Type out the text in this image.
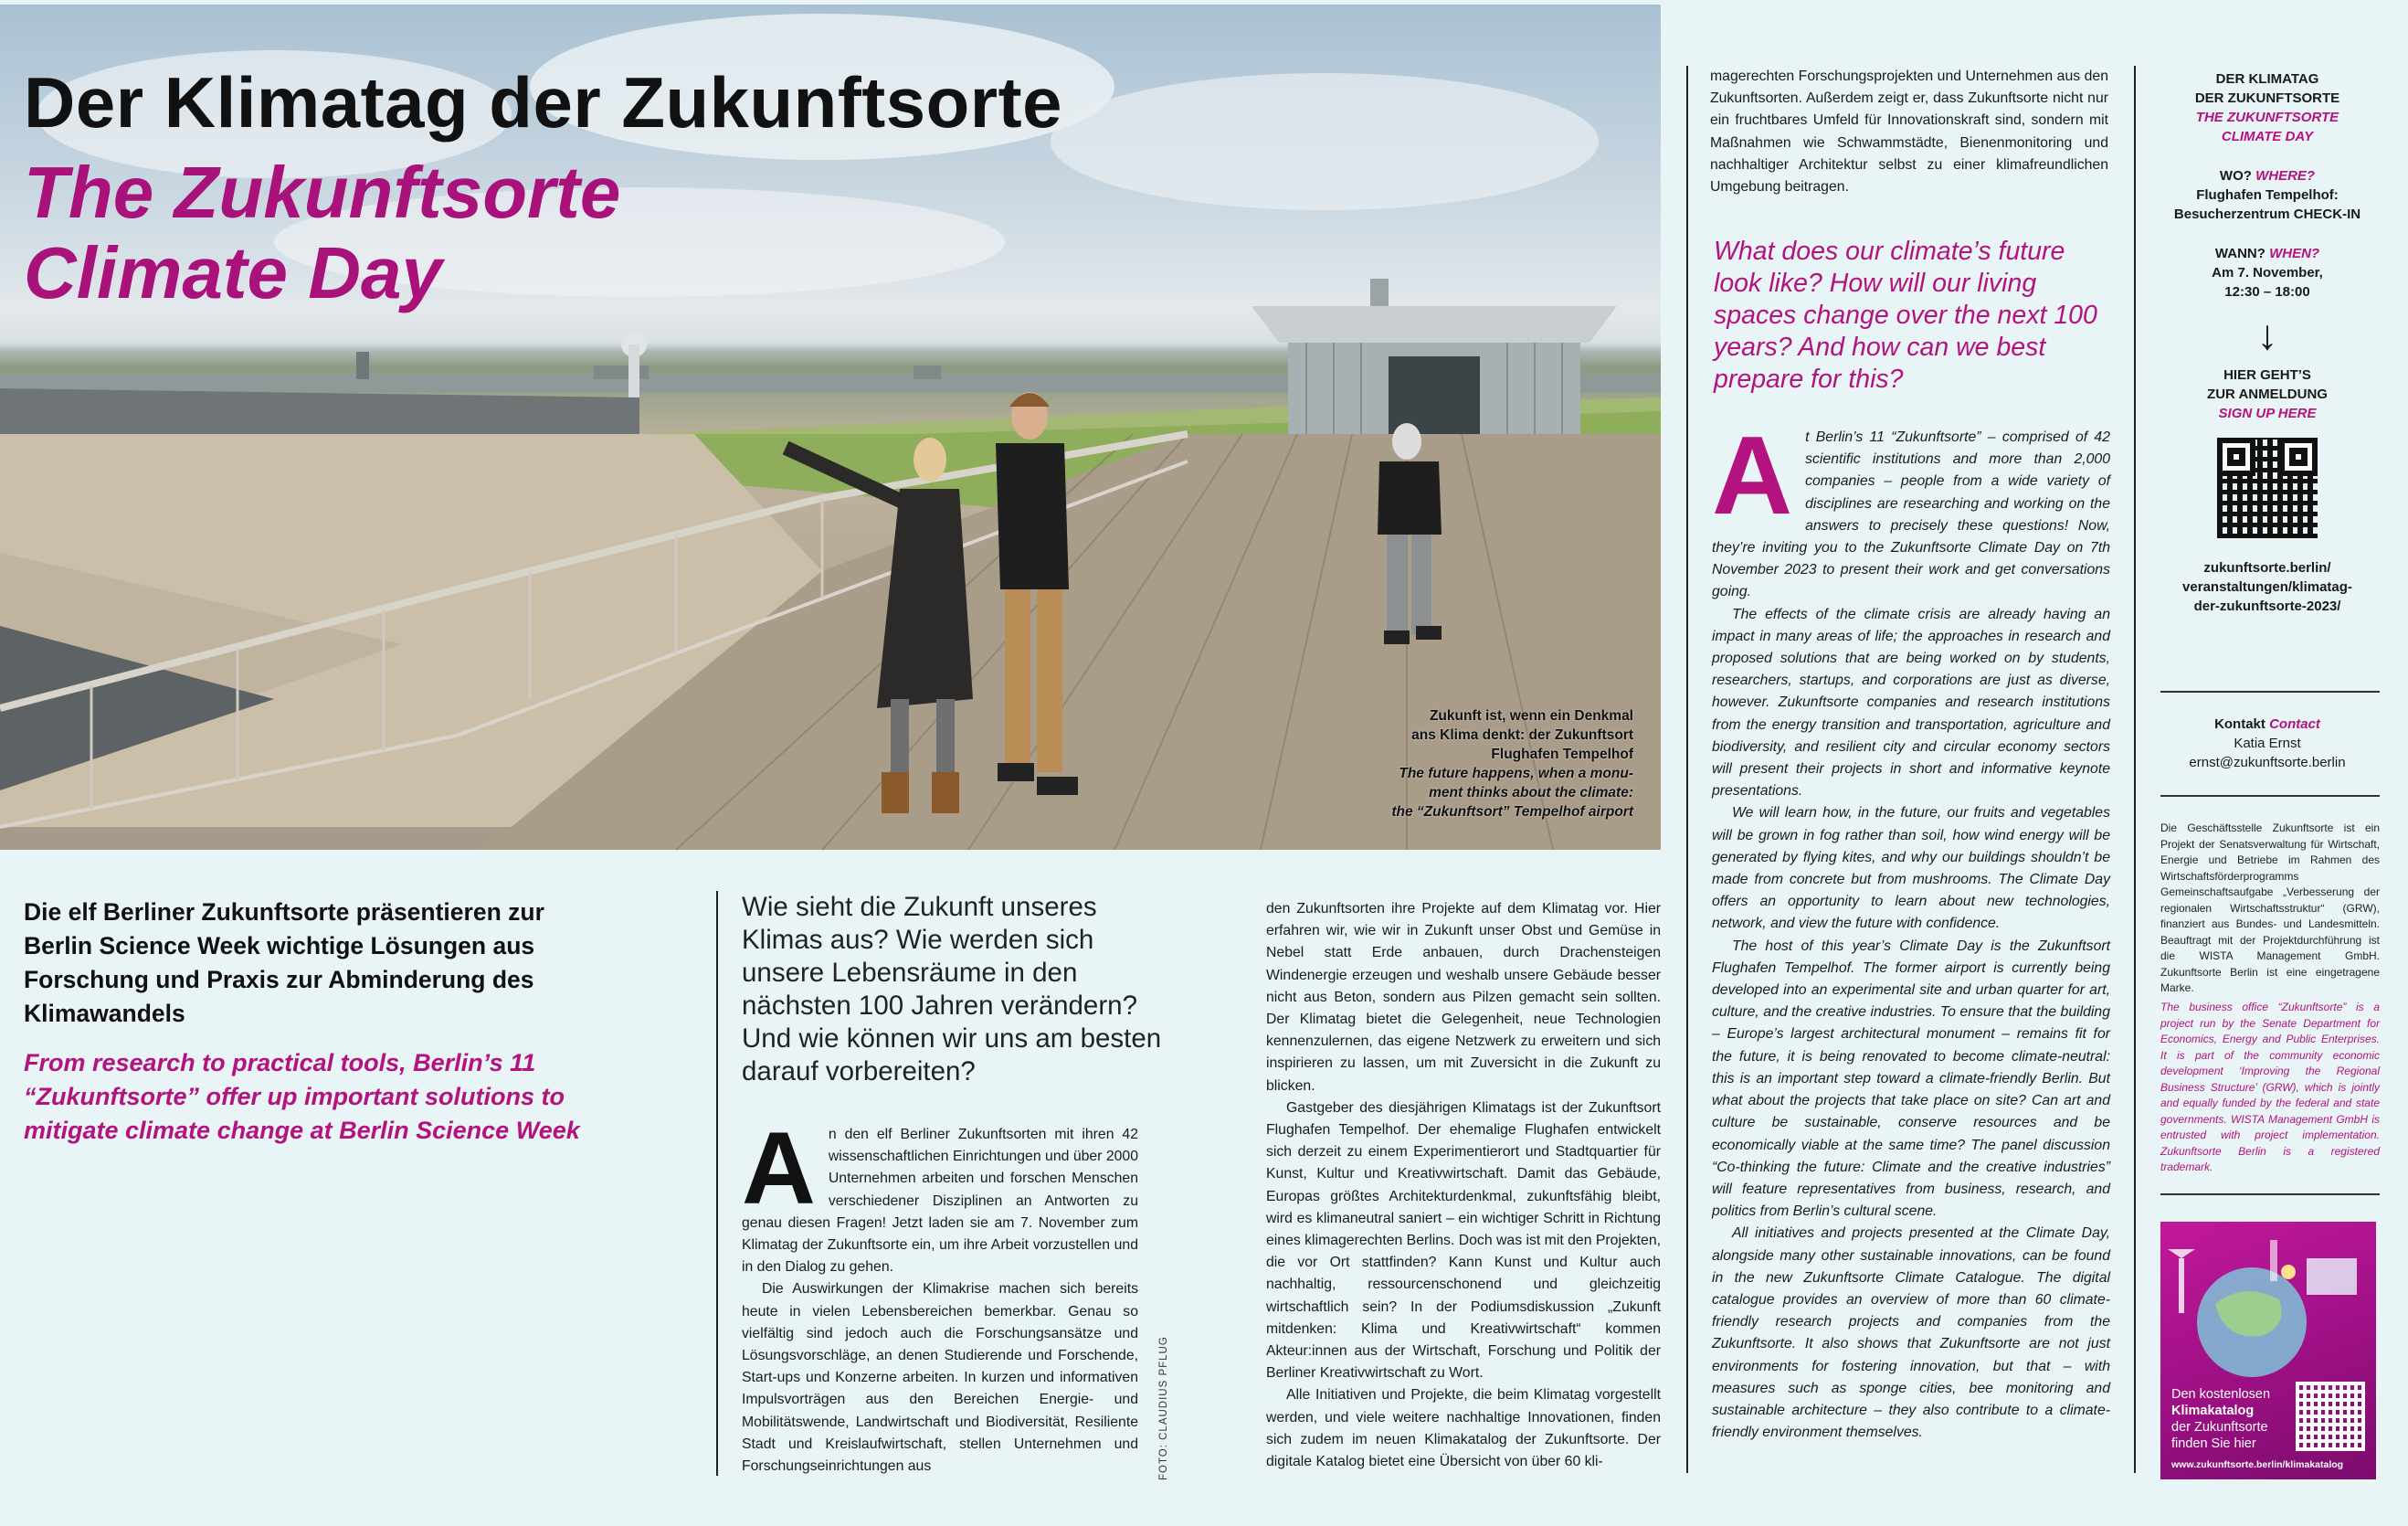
Der Klimatag der Zukunftsorte
The Zukunftsorte
Climate Day
Zukunft ist, wenn ein Denkmal
ans Klima denkt: der Zukunftsort
Flughafen Tempelhof
The future happens, when a monu-
ment thinks about the climate:
the “Zukunftsort” Tempelhof airport

Die elf Berliner Zukunftsorte präsentieren zur Berlin Science Week wichtige Lösungen aus Forschung und Praxis zur Abminderung des Klimawandels

From research to practical tools, Berlin’s 11 “Zukunftsorte” offer up important solutions to mitigate climate change at Berlin Science Week

Wie sieht die Zukunft unseres Klimas aus? Wie werden sich unsere Lebensräume in den nächsten 100 Jahren verändern? Und wie können wir uns am besten darauf vorbereiten?

An den elf Berliner Zukunftsorten mit ihren 42 wissenschaftlichen Einrichtungen und über 2000 Unternehmen arbeiten und forschen Menschen verschiedener Disziplinen an Antworten zu genau diesen Fragen! Jetzt laden sie am 7. November zum Klimatag der Zukunftsorte ein, um ihre Arbeit vorzustellen und in den Dialog zu gehen.

Die Auswirkungen der Klimakrise machen sich bereits heute in vielen Lebensbereichen bemerkbar. Genau so vielfältig sind jedoch auch die Forschungsansätze und Lösungsvorschläge, an denen Studierende und Forschende, Start-ups und Konzerne arbeiten. In kurzen und informativen Impulsvorträgen aus den Bereichen Energie- und Mobilitätswende, Landwirtschaft und Biodiversität, Resiliente Stadt und Kreislaufwirtschaft, stellen Unternehmen und Forschungseinrichtungen aus	FOTO: CLAUDIUS PFLUG

den Zukunftsorten ihre Projekte auf dem Klimatag vor. Hier erfahren wir, wie wir in Zukunft unser Obst und Gemüse in Nebel statt Erde anbauen, durch Drachensteigen Windenergie erzeugen und weshalb unsere Gebäude besser nicht aus Beton, sondern aus Pilzen gemacht sein sollten. Der Klimatag bietet die Gelegenheit, neue Technologien kennenzulernen, das eigene Netzwerk zu erweitern und sich inspirieren zu lassen, um mit Zuversicht in die Zukunft zu blicken.

Gastgeber des diesjährigen Klimatags ist der Zukunftsort Flughafen Tempelhof. Der ehemalige Flughafen entwickelt sich derzeit zu einem Experimentierort und Stadtquartier für Kunst, Kultur und Kreativwirtschaft. Damit das Gebäude, Europas größtes Architekturdenkmal, zukunftsfähig bleibt, wird es klimaneutral saniert – ein wichtiger Schritt in Richtung eines klimagerechten Berlins. Doch was ist mit den Projekten, die vor Ort stattfinden? Kann Kunst und Kultur auch nachhaltig, ressourcenschonend und gleichzeitig wirtschaftlich sein? In der Podiumsdiskussion „Zukunft mitdenken: Klima und Kreativwirtschaft“ kommen Akteur:innen aus der Wirtschaft, Forschung und Politik der Berliner Kreativwirtschaft zu Wort.

Alle Initiativen und Projekte, die beim Klimatag vorgestellt werden, und viele weitere nachhaltige Innovationen, finden sich zudem im neuen Klimakatalog der Zukunftsorte. Der digitale Katalog bietet eine Übersicht von über 60 kli-

magerechten Forschungsprojekten und Unternehmen aus den Zukunftsorten. Außerdem zeigt er, dass Zukunftsorte nicht nur ein fruchtbares Umfeld für Innovationskraft sind, sondern mit Maßnahmen wie Schwammstädte, Bienenmonitoring und nachhaltiger Architektur selbst zu einer klimafreundlichen Umgebung beitragen.

What does our climate’s future look like? How will our living spaces change over the next 100 years? And how can we best prepare for this?

At Berlin’s 11 “Zukunftsorte” – comprised of 42 scientific institutions and more than 2,000 companies – people from a wide variety of disciplines are researching and working on the answers to precisely these questions! Now, they’re inviting you to the Zukunftsorte Climate Day on 7th November 2023 to present their work and get conversations going.

The effects of the climate crisis are already having an impact in many areas of life; the approaches in research and proposed solutions that are being worked on by students, researchers, startups, and corporations are just as diverse, however. Zukunftsorte companies and research institutions from the energy transition and transportation, agriculture and biodiversity, and resilient city and circular economy sectors will present their projects in short and informative keynote presentations.

We will learn how, in the future, our fruits and vegetables will be grown in fog rather than soil, how wind energy will be generated by flying kites, and why our buildings shouldn’t be made from concrete but from mushrooms. The Climate Day offers an opportunity to learn about new technologies, network, and view the future with confidence.

The host of this year’s Climate Day is the Zukunftsort Flughafen Tempelhof. The former airport is currently being developed into an experimental site and urban quarter for art, culture, and the creative industries. To ensure that the building – Europe’s largest architectural monument – remains fit for the future, it is being renovated to become climate-neutral: this is an important step toward a climate-friendly Berlin. But what about the projects that take place on site? Can art and culture be sustainable, conserve resources and be economically viable at the same time? The panel discussion “Co-thinking the future: Climate and the creative industries” will feature representatives from business, research, and politics from Berlin’s cultural scene.

All initiatives and projects presented at the Climate Day, alongside many other sustainable innovations, can be found in the new Zukunftsorte Climate Catalogue. The digital catalogue provides an overview of more than 60 climate-friendly research projects and companies from the Zukunftsorte. It also shows that Zukunftsorte are not just environments for fostering innovation, but that – with measures such as sponge cities, bee monitoring and sustainable architecture – they also contribute to a climate-friendly environment themselves.

DER KLIMATAG
DER ZUKUNFTSORTE
THE ZUKUNFTSORTE
CLIMATE DAY
WO? WHERE?
Flughafen Tempelhof:
Besucherzentrum CHECK-IN
WANN? WHEN?
Am 7. November,
12:30 – 18:00
↓
HIER GEHT’S
ZUR ANMELDUNG
SIGN UP HERE
zukunftsorte.berlin/
veranstaltungen/klimatag-
der-zukunftsorte-2023/
Kontakt Contact
Katia Ernst
ernst@zukunftsorte.berlin

Die Geschäftsstelle Zukunftsorte ist ein Projekt der Senatsverwaltung für Wirtschaft, Energie und Betriebe im Rahmen des Wirtschaftsförderprogramms Gemeinschaftsaufgabe „Verbesserung der regionalen Wirtschaftsstruktur“ (GRW), finanziert aus Bundes- und Landesmitteln. Beauftragt mit der Projektdurchführung ist die WISTA Management GmbH. Zukunftsorte Berlin ist eine eingetragene Marke.

The business office “Zukunftsorte” is a project run by the Senate Department for Economics, Energy and Public Enterprises. It is part of the community economic development ‘Improving the Regional Business Structure’ (GRW), which is jointly and equally funded by the federal and state governments. WISTA Management GmbH is entrusted with project implementation. Zukunftsorte Berlin is a registered trademark.

Den kostenlosen
Klimakatalog
der Zukunftsorte
finden Sie hier
www.zukunftsorte.berlin/klimakatalog
